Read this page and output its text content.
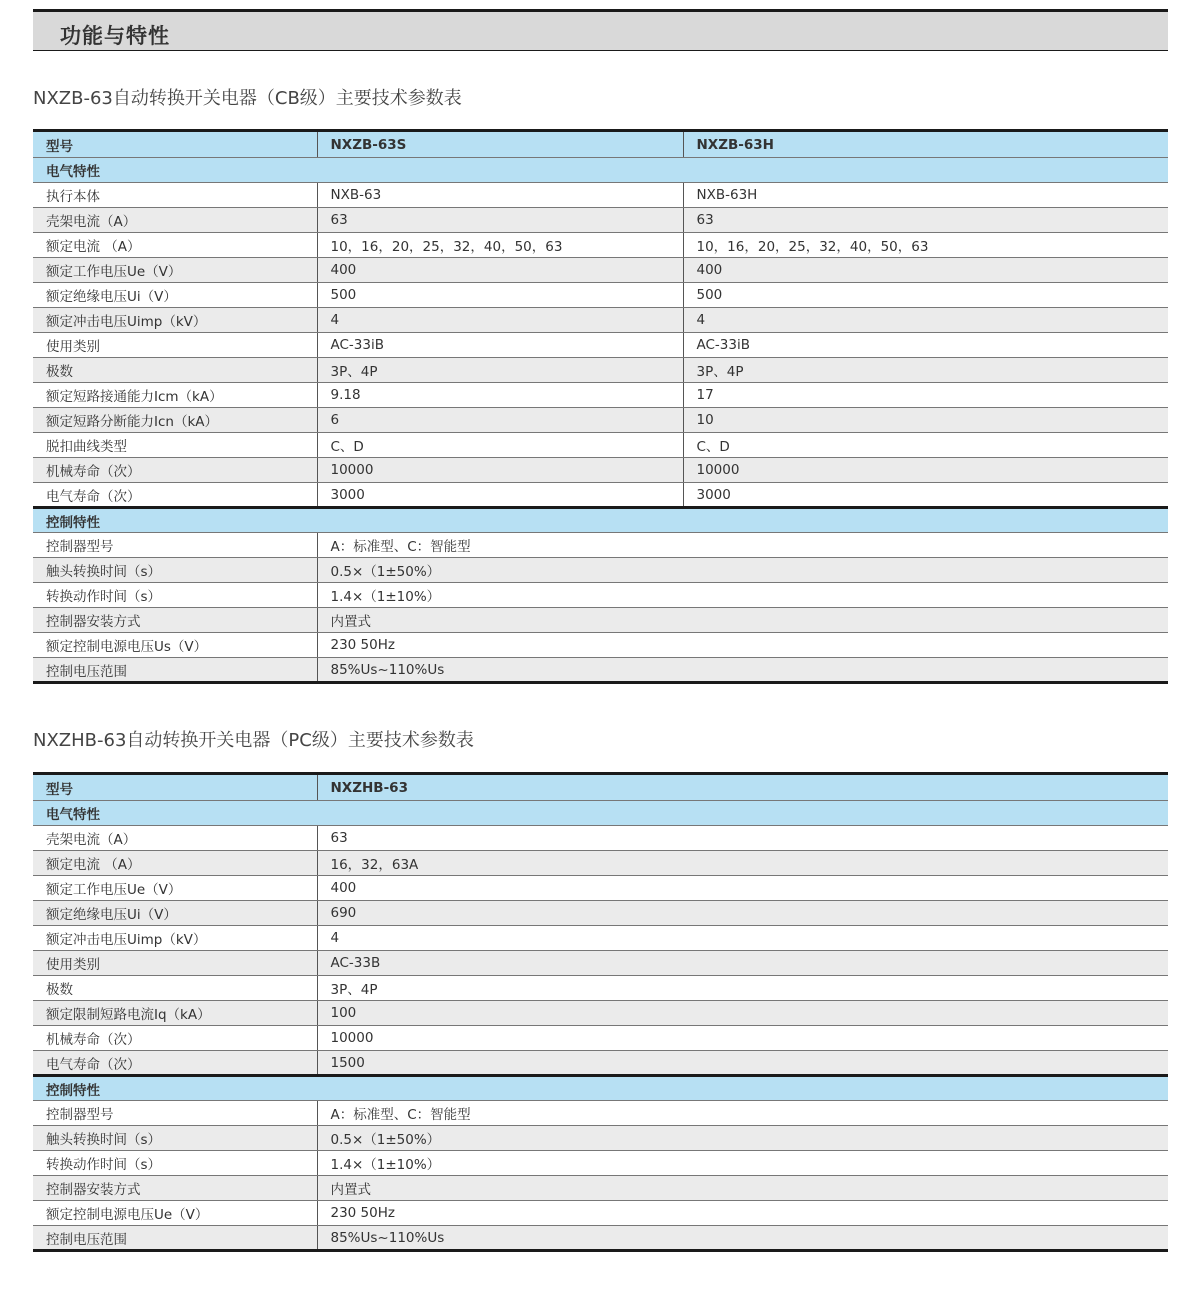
功能与特性
NXZB-63自动转换开关电器（CB级）主要技术参数表
型号	NXZB-63S	NXZB-63H
电气特性		
执行本体	NXB-63	NXB-63H
壳架电流（A）	63	63
额定电流 （A）	10，16，20，25，32，40，50，63	10，16，20，25，32，40，50，63
额定工作电压Ue（V）	400	400
额定绝缘电压Ui（V）	500	500
额定冲击电压Uimp（kV）	4	4
使用类别	AC-33iB	AC-33iB
极数	3P、4P	3P、4P
额定短路接通能力Icm（kA）	9.18	17
额定短路分断能力Icn（kA）	6	10
脱扣曲线类型	C、D	C、D
机械寿命（次）	10000	10000
电气寿命（次）	3000	3000
控制特性		
控制器型号	A：标准型、C：智能型	
触头转换时间（s）	0.5×（1±50%）	
转换动作时间（s）	1.4×（1±10%）	
控制器安装方式	内置式	
额定控制电源电压Us（V）	230 50Hz	
控制电压范围	85%Us~110%Us	
NXZHB-63自动转换开关电器（PC级）主要技术参数表
型号	NXZHB-63
电气特性	
壳架电流（A）	63
额定电流 （A）	16，32，63A
额定工作电压Ue（V）	400
额定绝缘电压Ui（V）	690
额定冲击电压Uimp（kV）	4
使用类别	AC-33B
极数	3P、4P
额定限制短路电流Iq（kA）	100
机械寿命（次）	10000
电气寿命（次）	1500
控制特性	
控制器型号	A：标准型、C：智能型
触头转换时间（s）	0.5×（1±50%）
转换动作时间（s）	1.4×（1±10%）
控制器安装方式	内置式
额定控制电源电压Ue（V）	230 50Hz
控制电压范围	85%Us~110%Us
